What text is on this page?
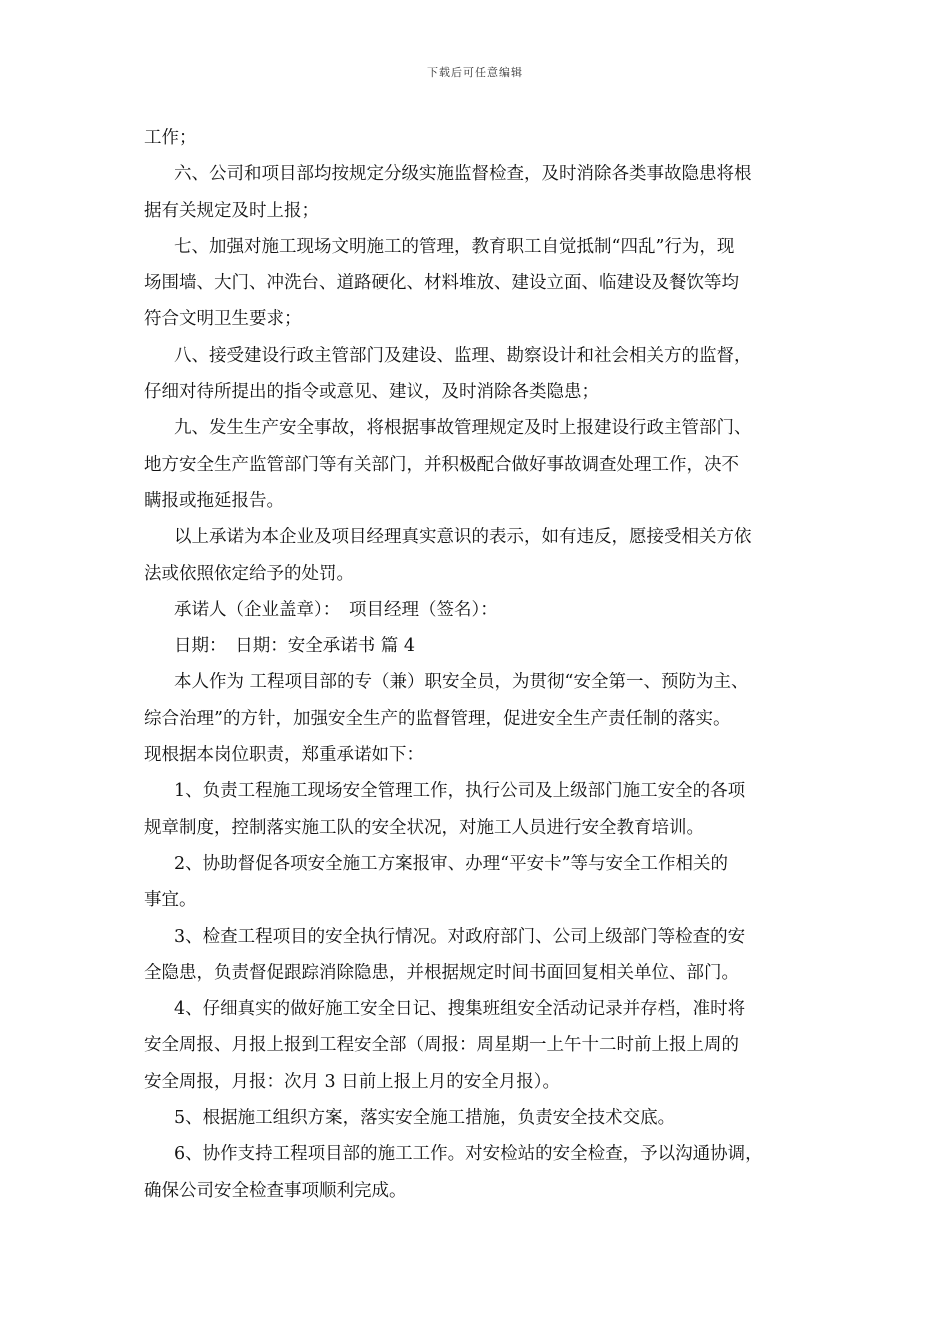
下载后可任意编辑
工作；
六、公司和项目部均按规定分级实施监督检查，及时消除各类事故隐患将根
据有关规定及时上报；
七、加强对施工现场文明施工的管理，教育职工自觉抵制“四乱”行为，现
场围墙、大门、冲洗台、道路硬化、材料堆放、建设立面、临建设及餐饮等均
符合文明卫生要求；
八、接受建设行政主管部门及建设、监理、勘察设计和社会相关方的监督，
仔细对待所提出的指令或意见、建议，及时消除各类隐患；
九、发生生产安全事故，将根据事故管理规定及时上报建设行政主管部门、
地方安全生产监管部门等有关部门，并积极配合做好事故调查处理工作，决不
瞒报或拖延报告。
以上承诺为本企业及项目经理真实意识的表示，如有违反，愿接受相关方依
法或依照依定给予的处罚。
承诺人（企业盖章）：　项目经理（签名）：
日期：　日期：安全承诺书 篇 4
本人作为 工程项目部的专（兼）职安全员，为贯彻“安全第一、预防为主、
综合治理”的方针，加强安全生产的监督管理，促进安全生产责任制的落实。
现根据本岗位职责，郑重承诺如下：
1、负责工程施工现场安全管理工作，执行公司及上级部门施工安全的各项
规章制度，控制落实施工队的安全状况，对施工人员进行安全教育培训。
2、协助督促各项安全施工方案报审、办理“平安卡”等与安全工作相关的
事宜。
3、检查工程项目的安全执行情况。对政府部门、公司上级部门等检查的安
全隐患，负责督促跟踪消除隐患，并根据规定时间书面回复相关单位、部门。
4、仔细真实的做好施工安全日记、搜集班组安全活动记录并存档，准时将
安全周报、月报上报到工程安全部（周报：周星期一上午十二时前上报上周的
安全周报，月报：次月 3 日前上报上月的安全月报）。
5、根据施工组织方案，落实安全施工措施，负责安全技术交底。
6、协作支持工程项目部的施工工作。对安检站的安全检查，予以沟通协调，
确保公司安全检查事项顺利完成。
